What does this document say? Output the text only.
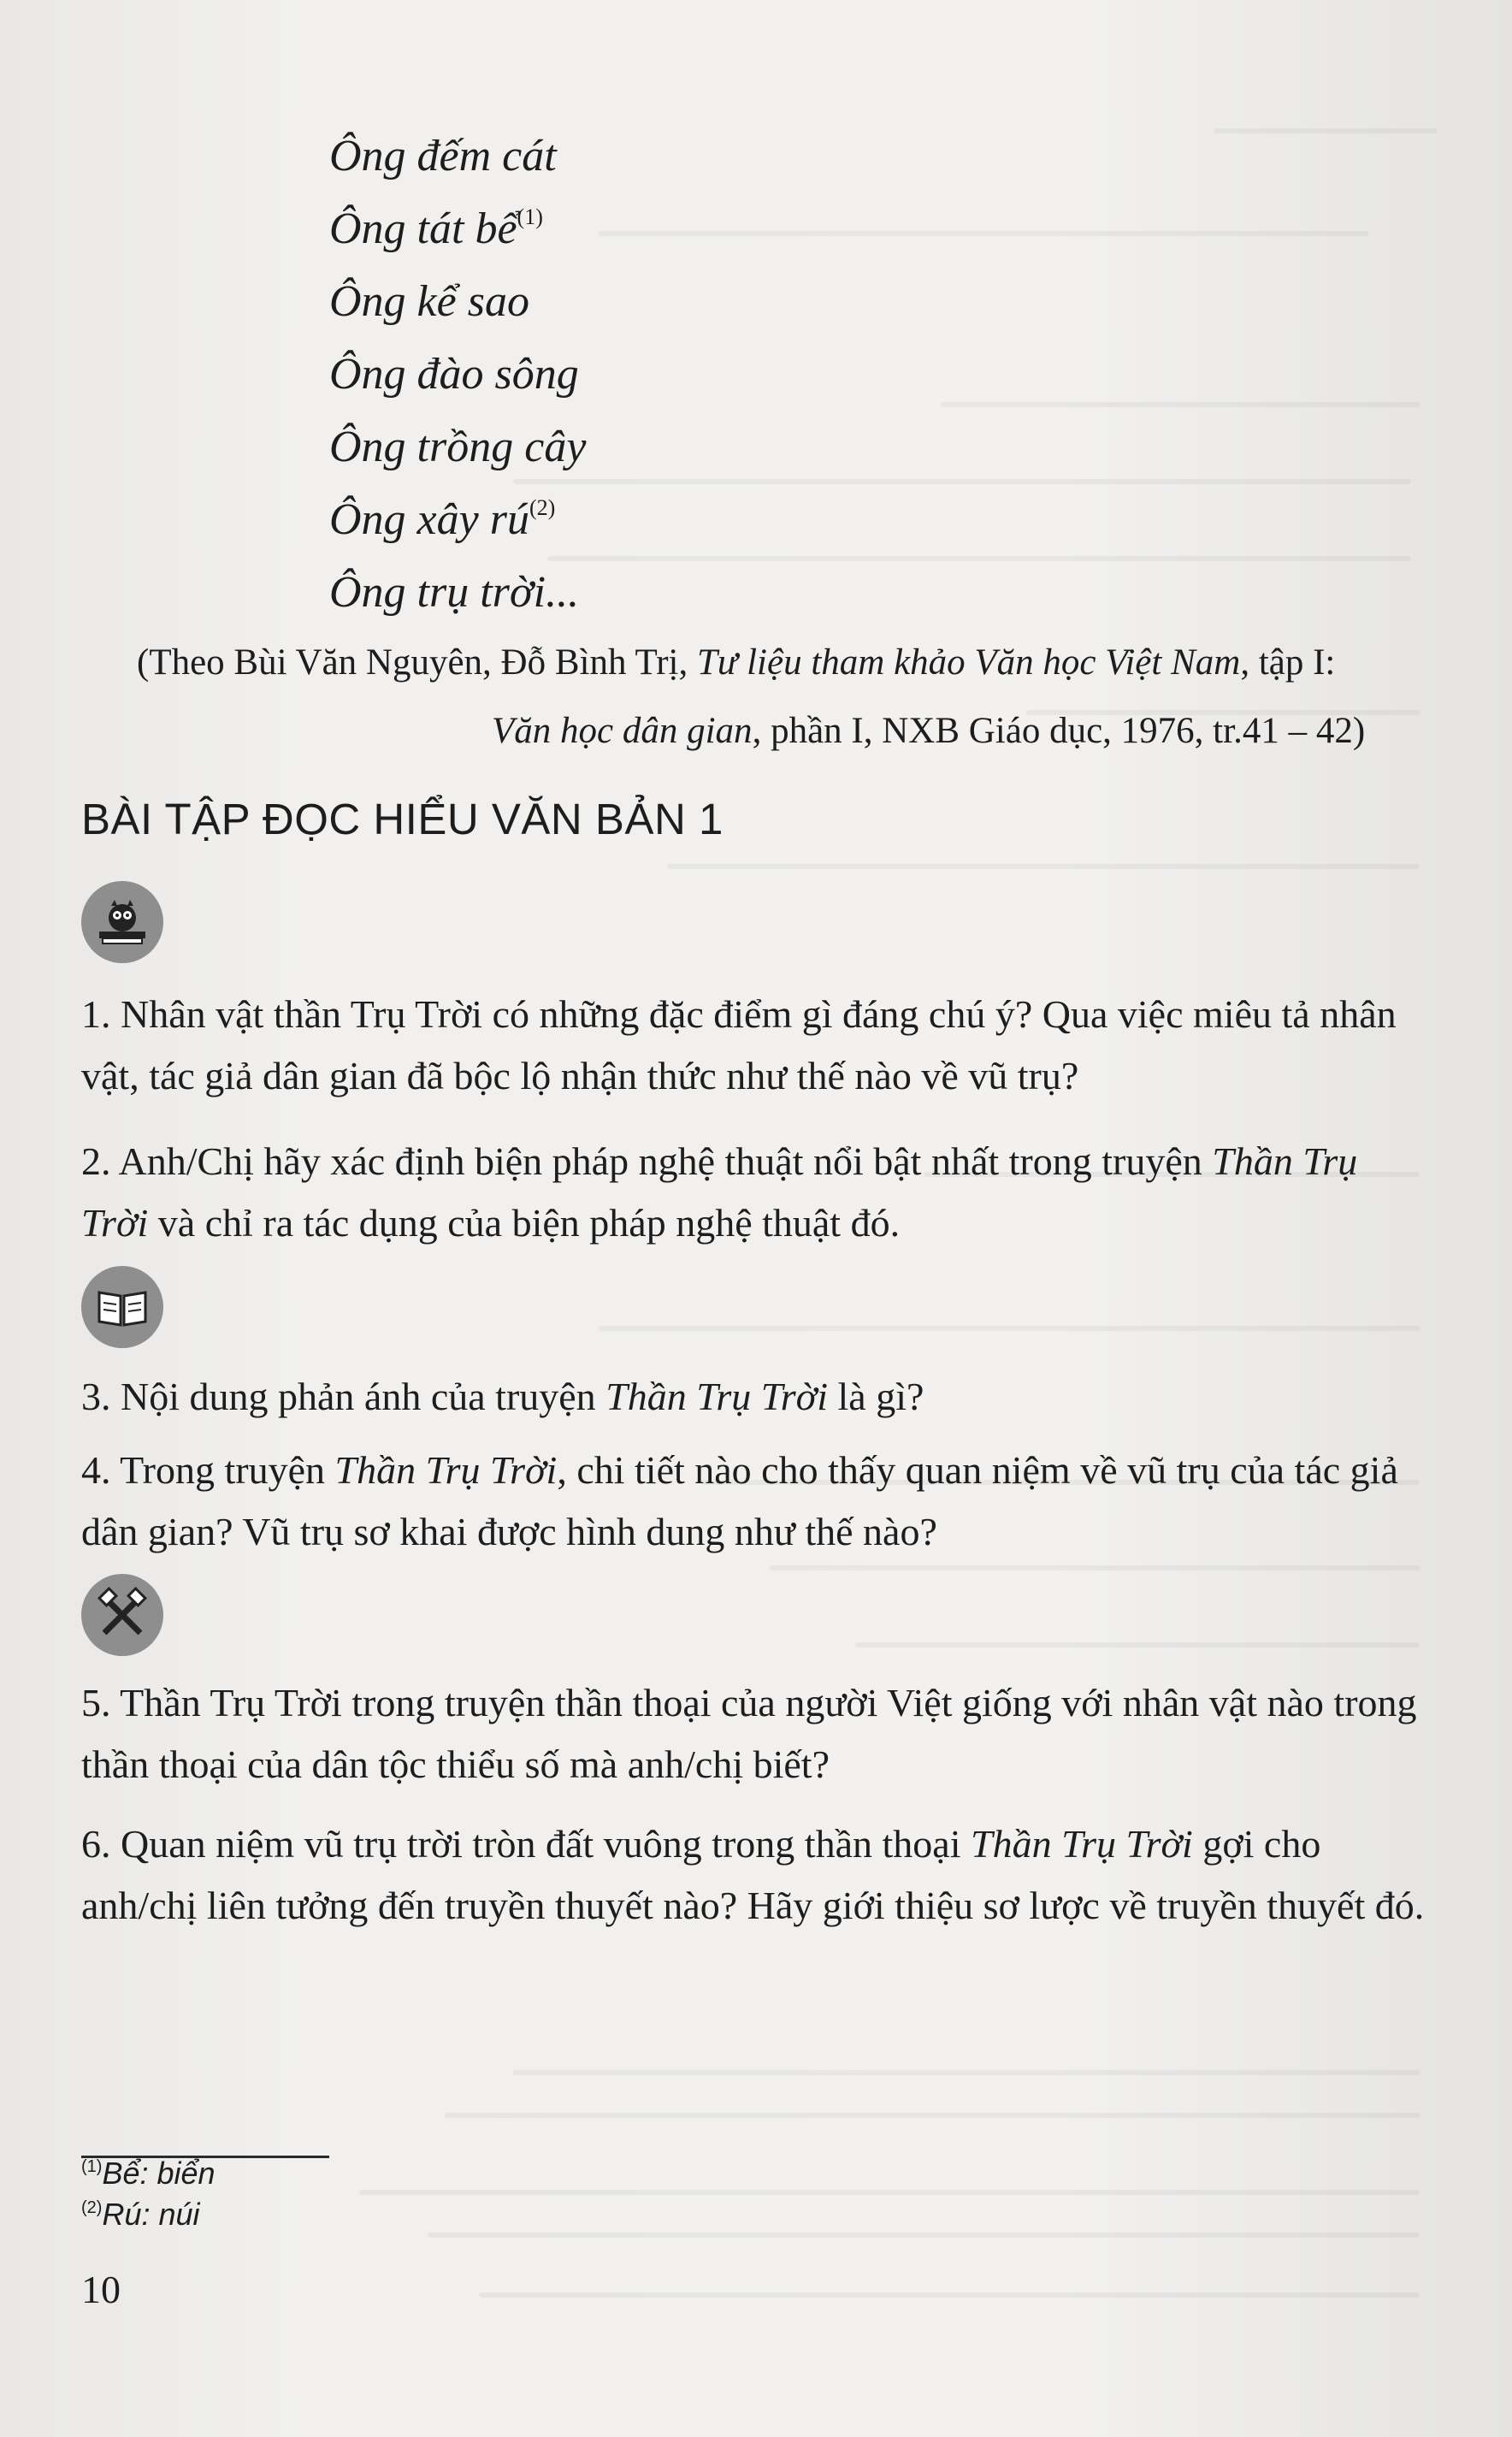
Ông đếm cát
Ông tát bể$^{(1)}$
Ông kể sao
Ông đào sông
Ông trồng cây
Ông xây $rú^{(2)}$
Ông trụ trời...
(Theo Bùi Văn Nguyên, Đỗ Bình Trị, Tư liệu tham khảo Văn học Việt Nam, tập I:
Văn học dân gian, phần I, NXB Giáo dục, 1976, tr.41 – 42)
BÀI TẬP ĐỌC HIỂU VĂN BẢN 1
1. Nhân vật thần Trụ Trời có những đặc điểm gì đáng chú ý? Qua việc miêu tả nhân vật, tác giả dân gian đã bộc lộ nhận thức như thế nào về vũ trụ?
2. Anh/Chị hãy xác định biện pháp nghệ thuật nổi bật nhất trong truyện Thần Trụ Trời và chỉ ra tác dụng của biện pháp nghệ thuật đó.
3. Nội dung phản ánh của truyện Thần Trụ Trời là gì?
4. Trong truyện Thần Trụ Trời, chi tiết nào cho thấy quan niệm về vũ trụ của tác giả dân gian? Vũ trụ sơ khai được hình dung như thế nào?
5. Thần Trụ Trời trong truyện thần thoại của người Việt giống với nhân vật nào trong thần thoại của dân tộc thiểu số mà anh/chị biết?
6. Quan niệm vũ trụ trời tròn đất vuông trong thần thoại Thần Trụ Trời gợi cho anh/chị liên tưởng đến truyền thuyết nào? Hãy giới thiệu sơ lược về truyền thuyết đó.
$^{(1)}$Bể: biển
$^{(2)}$Rú: núi
10
